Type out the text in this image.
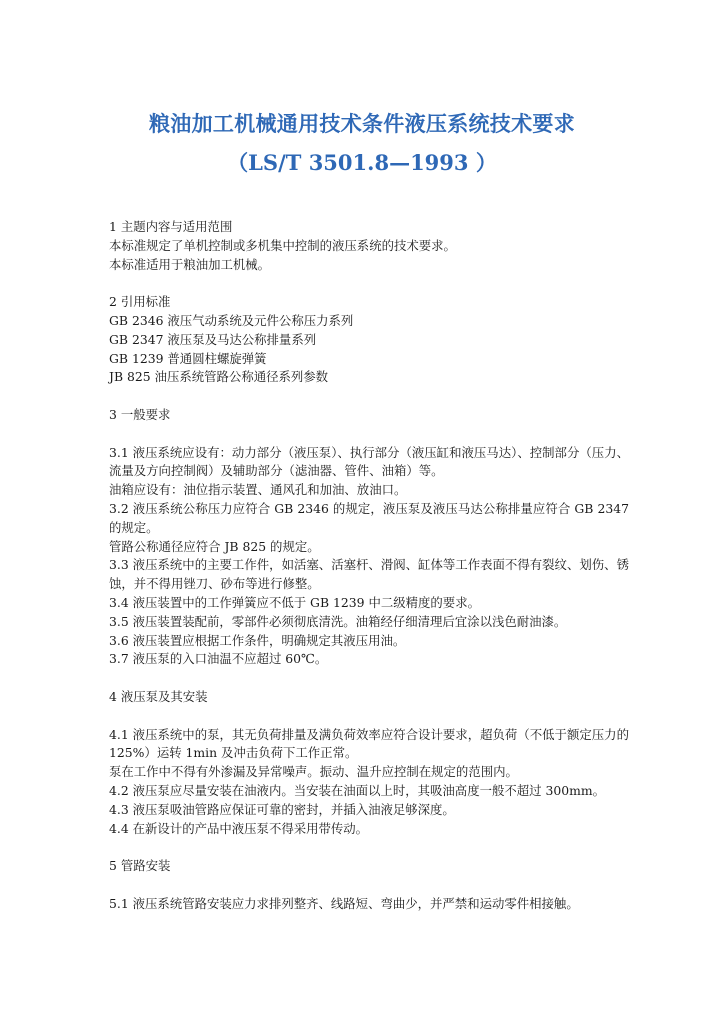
粮油加工机械通用技术条件液压系统技术要求
（LS/T 3501.8—1993 ）

1 主题内容与适用范围

本标准规定了单机控制或多机集中控制的液压系统的技术要求。

本标准适用于粮油加工机械。

2 引用标准

GB 2346 液压气动系统及元件公称压力系列

GB 2347 液压泵及马达公称排量系列

GB 1239 普通圆柱螺旋弹簧

JB 825 油压系统管路公称通径系列参数

3 一般要求

3.1 液压系统应设有：动力部分（液压泵）、执行部分（液压缸和液压马达）、控制部分（压力、流量及方向控制阀）及辅助部分（滤油器、管件、油箱）等。

油箱应设有：油位指示装置、通风孔和加油、放油口。

3.2 液压系统公称压力应符合 GB 2346 的规定，液压泵及液压马达公称排量应符合 GB 2347 的规定。

管路公称通径应符合 JB 825 的规定。

3.3 液压系统中的主要工作件，如活塞、活塞杆、滑阀、缸体等工作表面不得有裂纹、划伤、锈蚀，并不得用锉刀、砂布等进行修整。

3.4 液压装置中的工作弹簧应不低于 GB 1239 中二级精度的要求。

3.5 液压装置装配前，零部件必须彻底清洗。油箱经仔细清理后宜涂以浅色耐油漆。

3.6 液压装置应根据工作条件，明确规定其液压用油。

3.7 液压泵的入口油温不应超过 60℃。

4 液压泵及其安装

4.1 液压系统中的泵，其无负荷排量及满负荷效率应符合设计要求，超负荷（不低于额定压力的 125%）运转 1min 及冲击负荷下工作正常。

泵在工作中不得有外渗漏及异常噪声。振动、温升应控制在规定的范围内。

4.2 液压泵应尽量安装在油液内。当安装在油面以上时，其吸油高度一般不超过 300mm。

4.3 液压泵吸油管路应保证可靠的密封，并插入油液足够深度。

4.4 在新设计的产品中液压泵不得采用带传动。

5 管路安装

5.1 液压系统管路安装应力求排列整齐、线路短、弯曲少，并严禁和运动零件相接触。
